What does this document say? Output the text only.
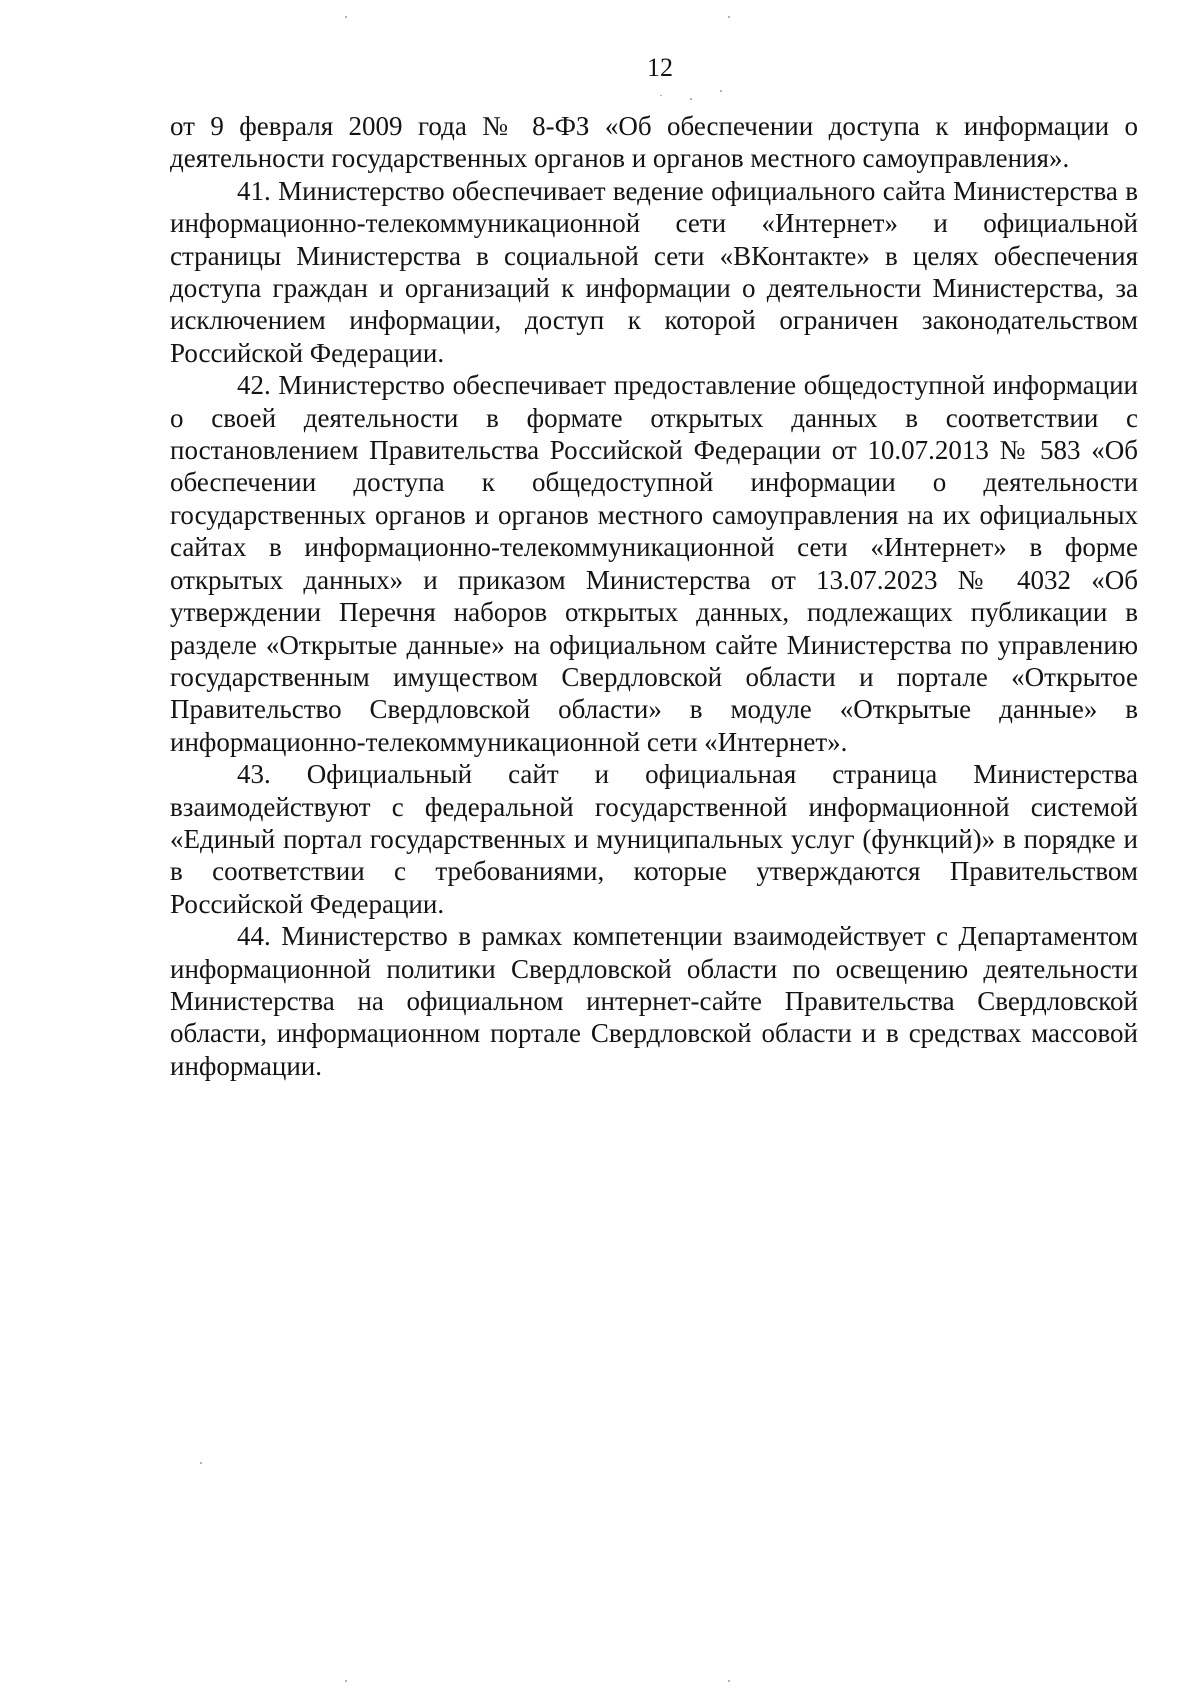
12

от 9 февраля 2009 года № 8-ФЗ «Об обеспечении доступа к информации о деятельности государственных органов и органов местного самоуправления».

41. Министерство обеспечивает ведение официального сайта Министерства в информационно-телекоммуникационной сети «Интернет» и официальной страницы Министерства в социальной сети «ВКонтакте» в целях обеспечения доступа граждан и организаций к информации о деятельности Министерства, за исключением информации, доступ к которой ограничен законодательством Российской Федерации.

42. Министерство обеспечивает предоставление общедоступной информации о своей деятельности в формате открытых данных в соответствии с постановлением Правительства Российской Федерации от 10.07.2013 № 583 «Об обеспечении доступа к общедоступной информации о деятельности государственных органов и органов местного самоуправления на их официальных сайтах в информационно-телекоммуникационной сети «Интернет» в форме открытых данных» и приказом Министерства от 13.07.2023 № 4032 «Об утверждении Перечня наборов открытых данных, подлежащих публикации в разделе «Открытые данные» на официальном сайте Министерства по управлению государственным имуществом Свердловской области и портале «Открытое Правительство Свердловской области» в модуле «Открытые данные» в информационно-телекоммуникационной сети «Интернет».

43. Официальный сайт и официальная страница Министерства взаимодействуют с федеральной государственной информационной системой «Единый портал государственных и муниципальных услуг (функций)» в порядке и в соответствии с требованиями, которые утверждаются Правительством Российской Федерации.

44. Министерство в рамках компетенции взаимодействует с Департаментом информационной политики Свердловской области по освещению деятельности Министерства на официальном интернет-сайте Правительства Свердловской области, информационном портале Свердловской области и в средствах массовой информации.
